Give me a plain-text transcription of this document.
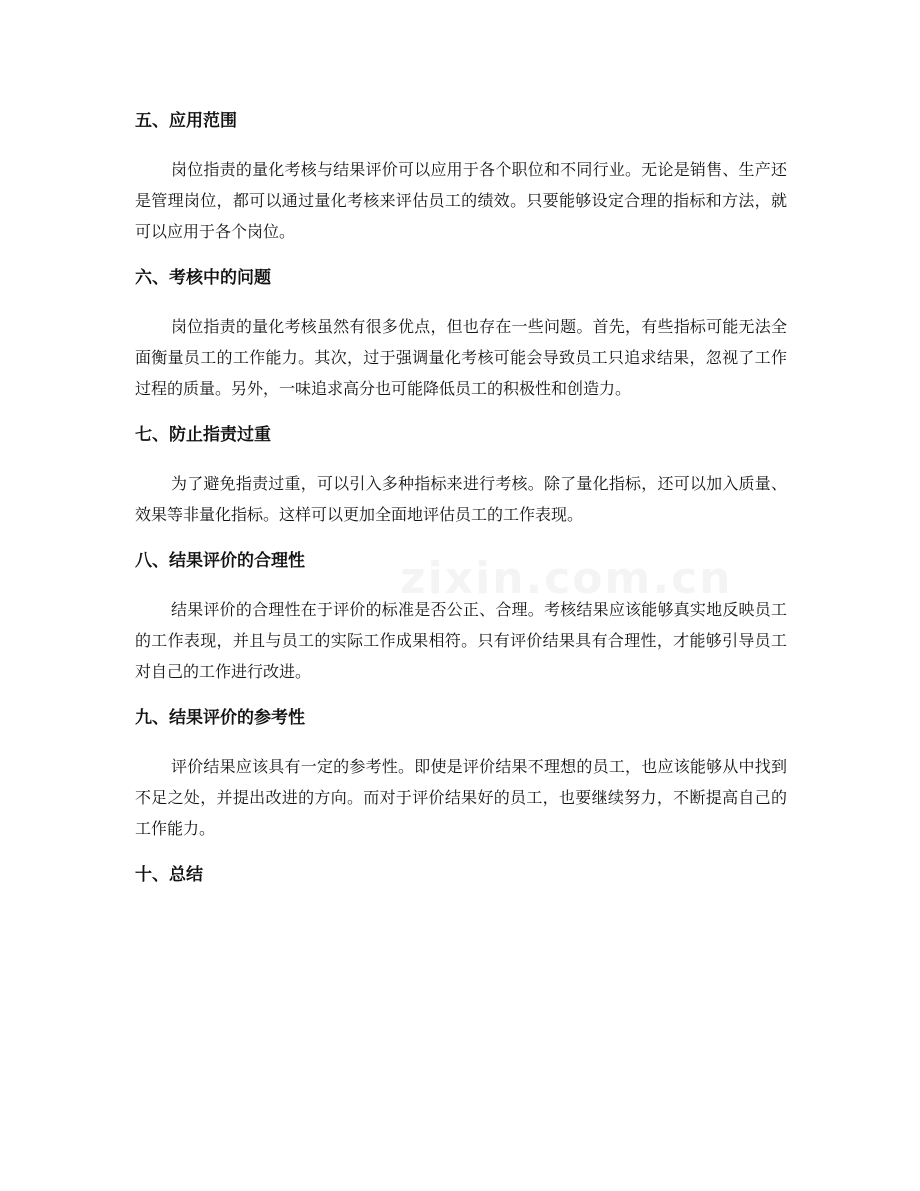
五、应用范围

岗位指责的量化考核与结果评价可以应用于各个职位和不同行业。无论是销售、生产还是管理岗位，都可以通过量化考核来评估员工的绩效。只要能够设定合理的指标和方法，就可以应用于各个岗位。

六、考核中的问题

岗位指责的量化考核虽然有很多优点，但也存在一些问题。首先，有些指标可能无法全面衡量员工的工作能力。其次，过于强调量化考核可能会导致员工只追求结果，忽视了工作过程的质量。另外，一味追求高分也可能降低员工的积极性和创造力。

七、防止指责过重

为了避免指责过重，可以引入多种指标来进行考核。除了量化指标，还可以加入质量、效果等非量化指标。这样可以更加全面地评估员工的工作表现。

八、结果评价的合理性

结果评价的合理性在于评价的标准是否公正、合理。考核结果应该能够真实地反映员工的工作表现，并且与员工的实际工作成果相符。只有评价结果具有合理性，才能够引导员工对自己的工作进行改进。

九、结果评价的参考性

评价结果应该具有一定的参考性。即使是评价结果不理想的员工，也应该能够从中找到不足之处，并提出改进的方向。而对于评价结果好的员工，也要继续努力，不断提高自己的工作能力。

十、总结
